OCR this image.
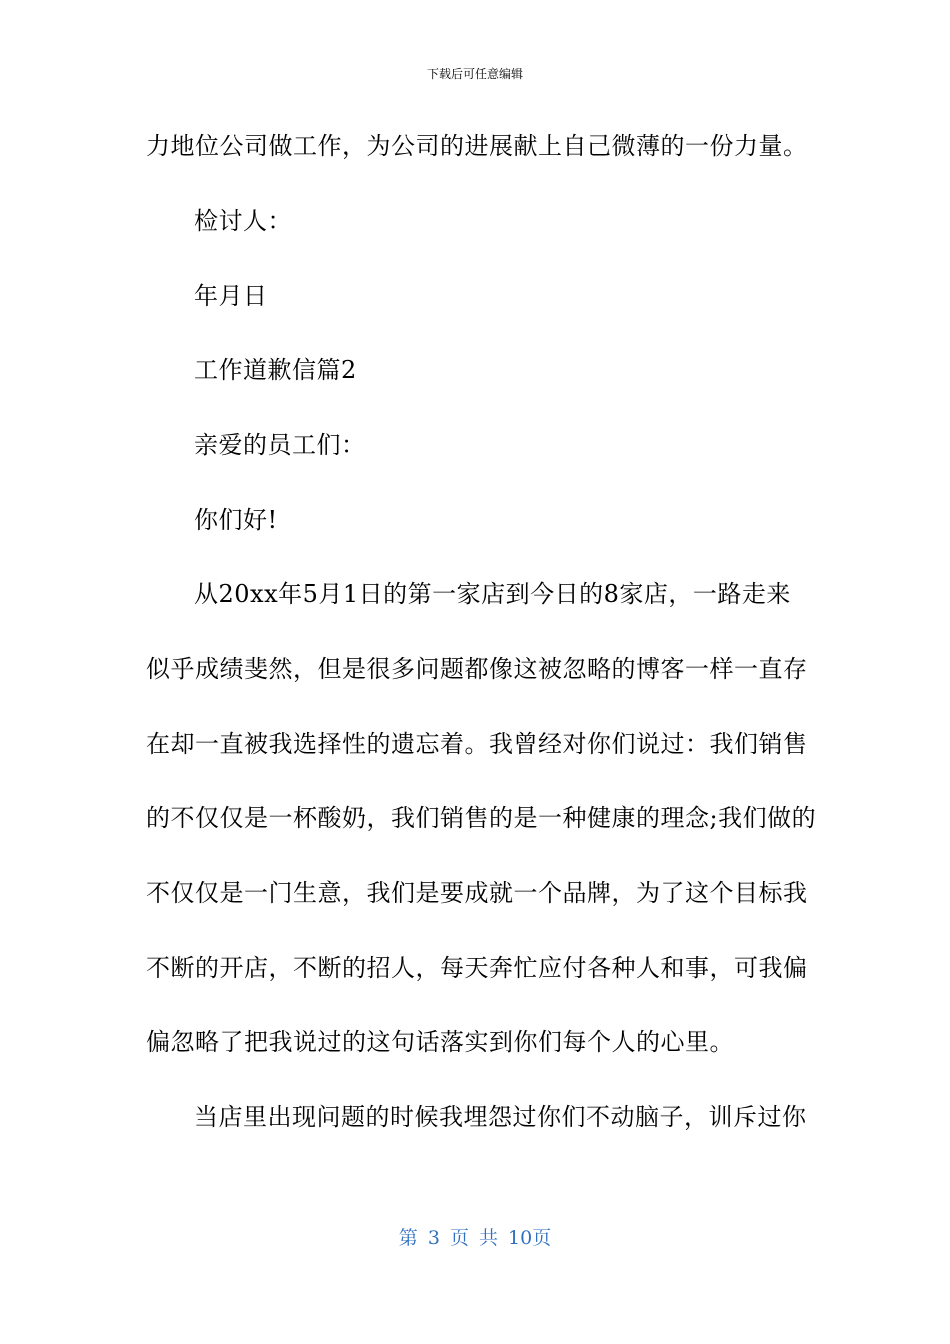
下载后可任意编辑
力地位公司做工作，为公司的进展献上自己微薄的一份力量。
检讨人：
年月日
工作道歉信篇2
亲爱的员工们：
你们好!
从20xx年5月1日的第一家店到今日的8家店，一路走来
似乎成绩斐然，但是很多问题都像这被忽略的博客一样一直存
在却一直被我选择性的遗忘着。我曾经对你们说过：我们销售
的不仅仅是一杯酸奶，我们销售的是一种健康的理念;我们做的
不仅仅是一门生意，我们是要成就一个品牌，为了这个目标我
不断的开店，不断的招人，每天奔忙应付各种人和事，可我偏
偏忽略了把我说过的这句话落实到你们每个人的心里。
当店里出现问题的时候我埋怨过你们不动脑子，训斥过你
第 3 页 共 10页
